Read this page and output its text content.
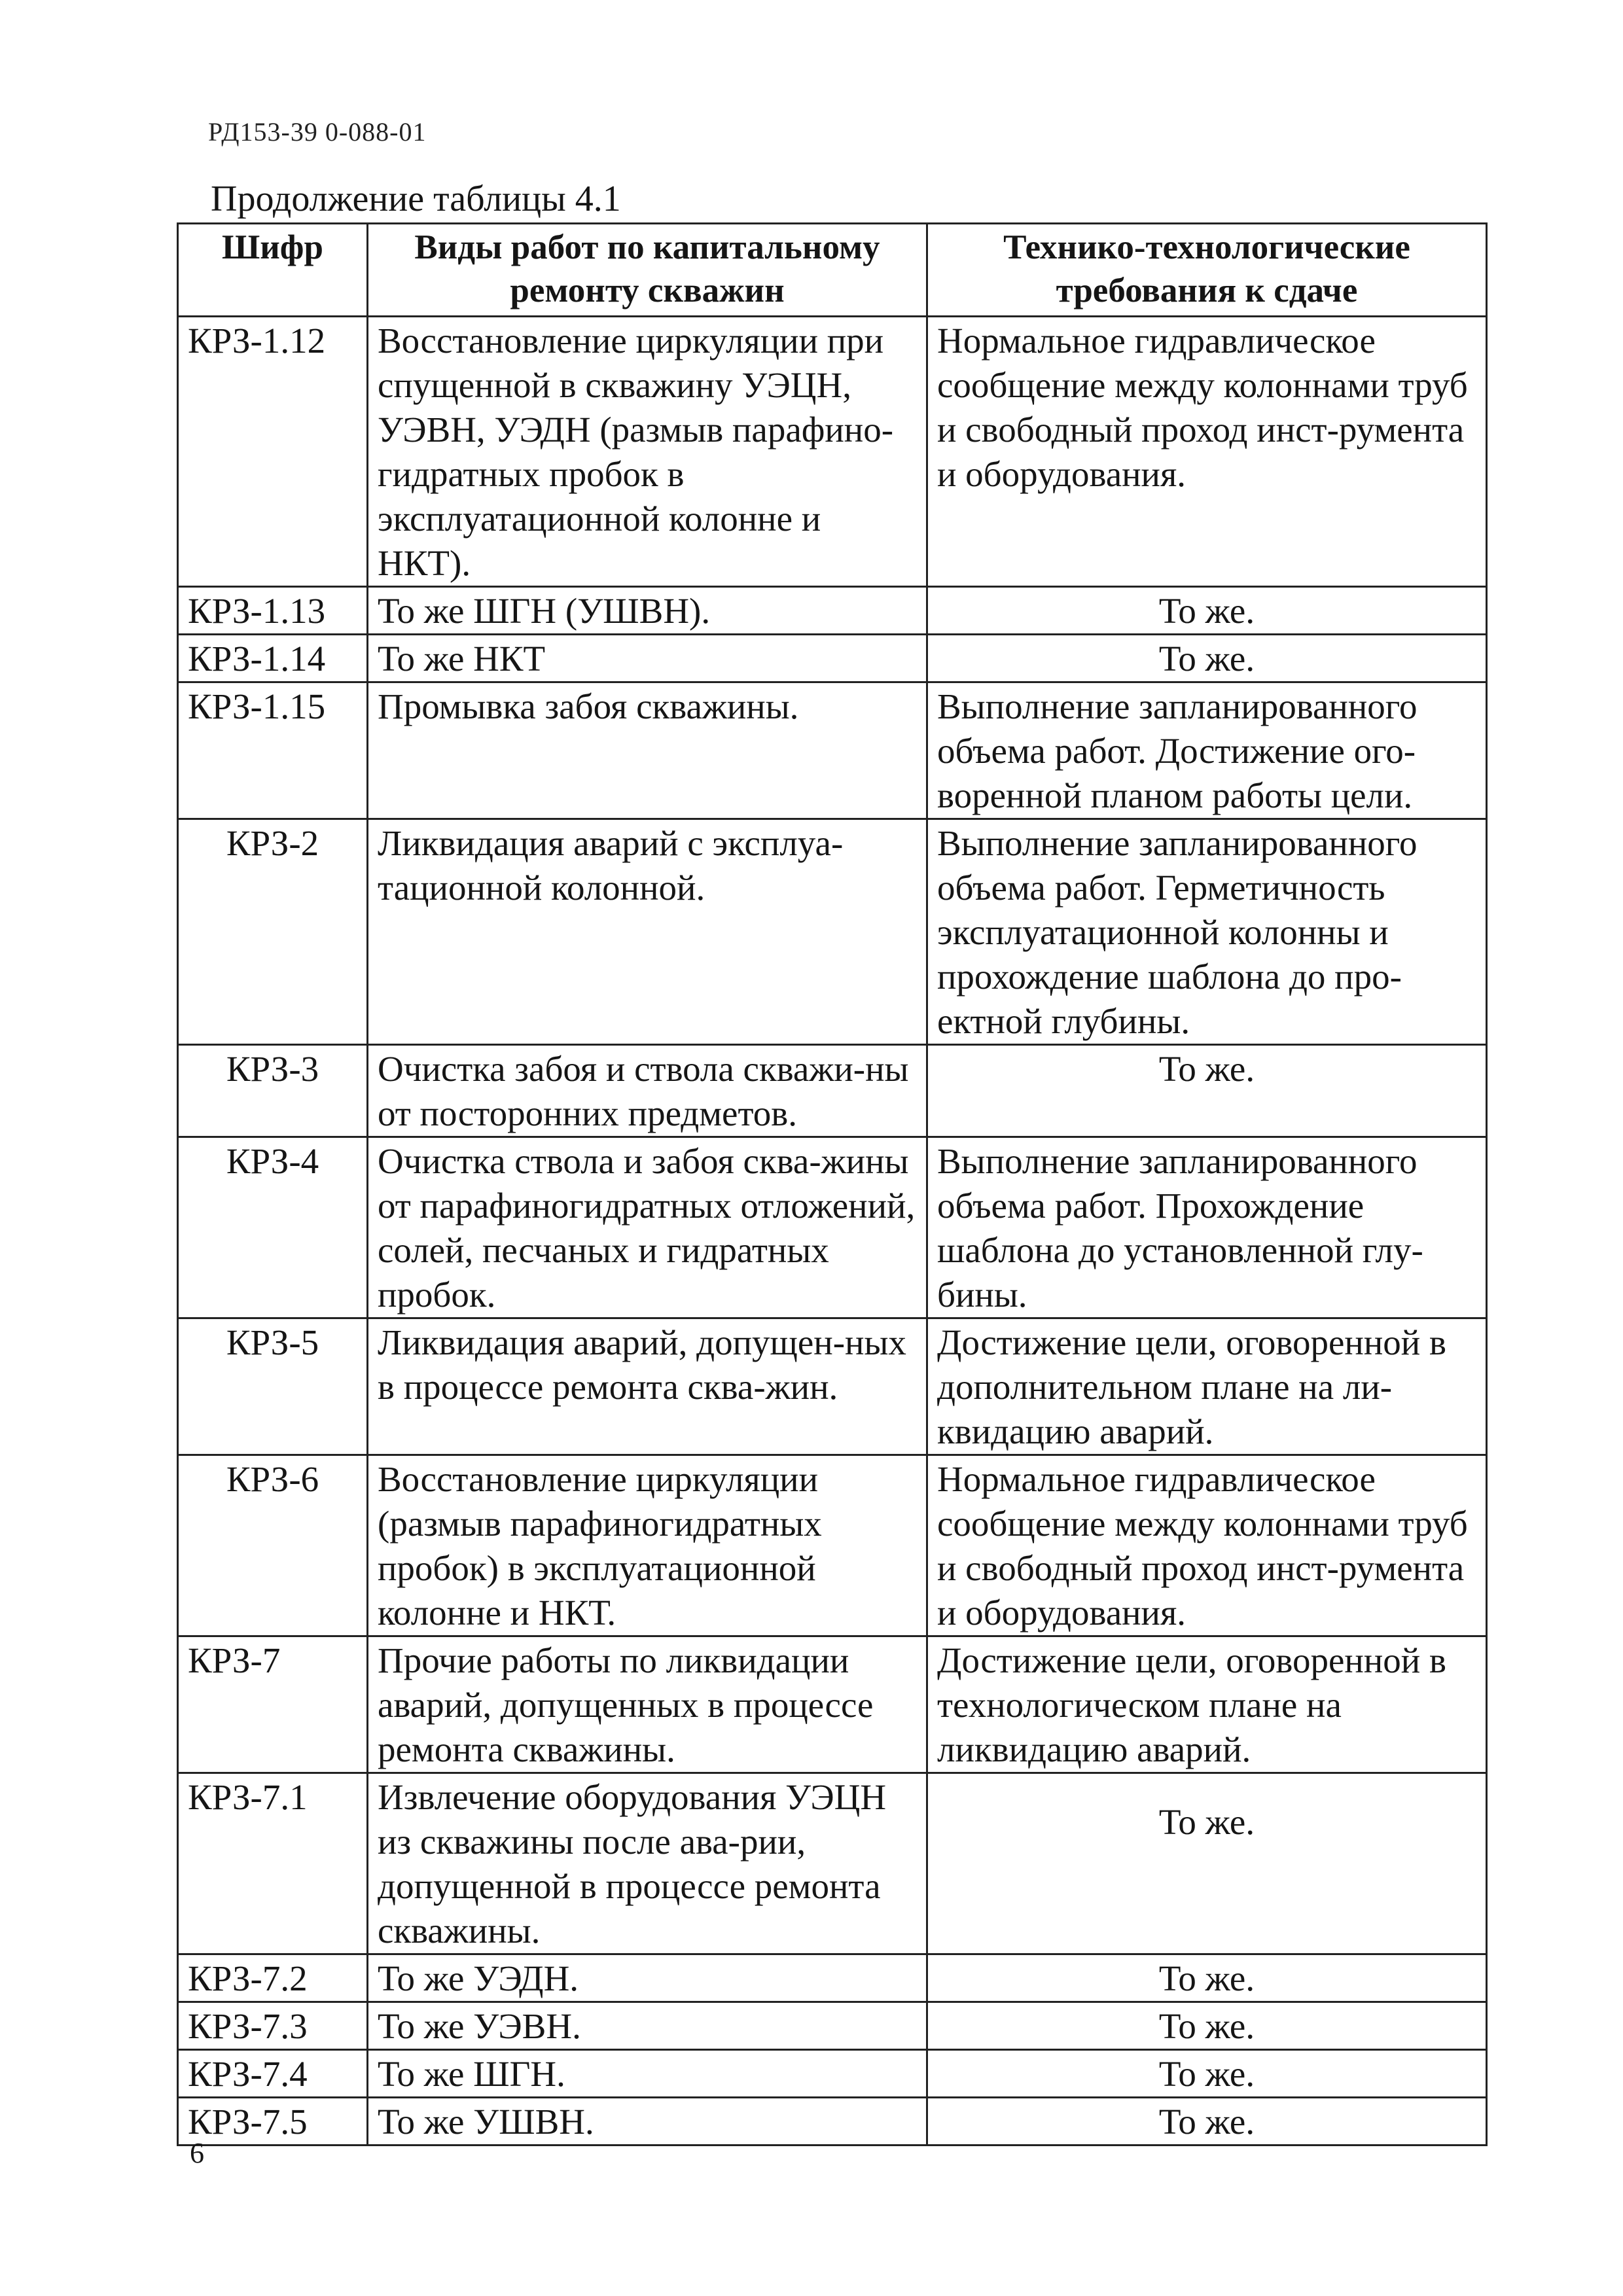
РД153-39 0-088-01
Продолжение таблицы 4.1
Шифр	Виды работ по капитальному ремонту скважин	Технико-технологические требования к сдаче
КРЗ-1.12	Восстановление циркуляции при спущенной в скважину УЭЦН, УЭВН, УЭДН (размыв парафино-гидратных пробок в эксплуатационной колонне и НКТ).	Нормальное гидравлическое сообщение между колоннами труб и свободный проход инст-румента и оборудования.
КРЗ-1.13	То же ШГН (УШВН).	То же.
КРЗ-1.14	То же НКТ	То же.
КРЗ-1.15	Промывка забоя скважины.	Выполнение запланированного объема работ. Достижение ого-воренной планом работы цели.
КРЗ-2	Ликвидация аварий с эксплуа-тационной колонной.	Выполнение запланированного объема работ. Герметичность эксплуатационной колонны и прохождение шаблона до про-ектной глубины.
КРЗ-3	Очистка забоя и ствола скважи-ны от посторонних предметов.	То же.
КРЗ-4	Очистка ствола и забоя сква-жины от парафиногидратных отложений, солей, песчаных и гидратных пробок.	Выполнение запланированного объема работ. Прохождение шаблона до установленной глу-бины.
КРЗ-5	Ликвидация аварий, допущен-ных в процессе ремонта сква-жин.	Достижение цели, оговоренной в дополнительном плане на ли-квидацию аварий.
КРЗ-6	Восстановление циркуляции (размыв парафиногидратных пробок) в эксплуатационной колонне и НКТ.	Нормальное гидравлическое сообщение между колоннами труб и свободный проход инст-румента и оборудования.
КРЗ-7	Прочие работы по ликвидации аварий, допущенных в процессе ремонта скважины.	Достижение цели, оговоренной в технологическом плане на ликвидацию аварий.
КРЗ-7.1	Извлечение оборудования УЭЦН из скважины после ава-рии, допущенной в процессе ремонта скважины.	То же.
КРЗ-7.2	То же УЭДН.	То же.
КРЗ-7.3	То же УЭВН.	То же.
КРЗ-7.4	То же ШГН.	То же.
КРЗ-7.5	То же УШВН.	То же.
6
